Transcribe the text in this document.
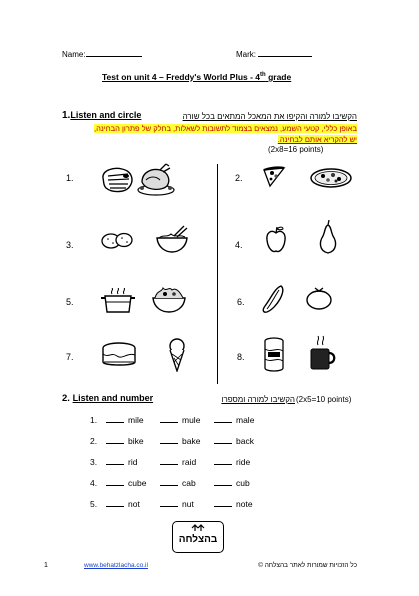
Name:	Mark:
Test on unit 4 – Freddy's World Plus - 4th grade
1.Listen and circle	הקשיבו למורה והקיפו את המאכל המתאים בכל שורה
באופן כללי, קטעי השמע, נמצאים בצמוד לתשובות לשאלות, בחלק של פתרון הבחינה,
יש להקריא אותם לבחינה.
(2x8=16 points)
1.	2.
3.	4.
5.	6.
7.	8.
2. Listen and number	הקשיבו למורה ומספרו (2x5=10 points)
1.	mile	mule	male
2.	bike	bake	back
3.	rid	raid	ride
4.	cube	cab	cub
5.	not	nut	note
בהצלחה
1	www.behatzlacha.co.il	כל הזכויות שמורות לאתר בהצלחה ©
